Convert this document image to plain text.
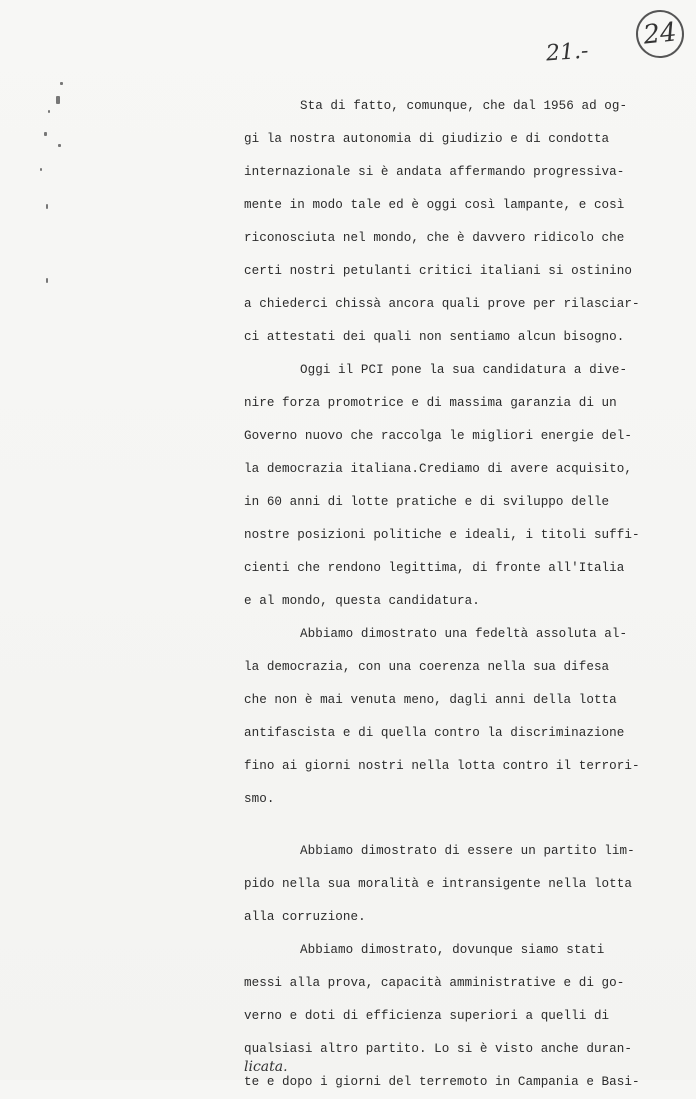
24
21.-
Sta di fatto, comunque, che dal 1956 ad og-
gi la nostra autonomia di giudizio e di condotta
internazionale si è andata affermando progressiva-
mente in modo tale ed è oggi così lampante, e così
riconosciuta nel mondo, che è davvero ridicolo che
certi nostri petulanti critici italiani si ostinino
a chiederci chissà ancora quali prove per rilasciar-
ci attestati dei quali non sentiamo alcun bisogno.
Oggi il PCI pone la sua candidatura a dive-
nire forza promotrice e di massima garanzia di un
Governo nuovo che raccolga le migliori energie del-
la democrazia italiana.Crediamo di avere acquisito,
in 60 anni di lotte pratiche e di sviluppo delle
nostre posizioni politiche e ideali, i titoli suffi-
cienti che rendono legittima, di fronte all'Italia
e al mondo, questa candidatura.
Abbiamo dimostrato una fedeltà assoluta al-
la democrazia, con una coerenza nella sua difesa
che non è mai venuta meno, dagli anni della lotta
antifascista e di quella contro la discriminazione
fino ai giorni nostri nella lotta contro il terrori-
smo.
Abbiamo dimostrato di essere un partito lim-
pido nella sua moralità e intransigente nella lotta
alla corruzione.
Abbiamo dimostrato, dovunque siamo stati
messi alla prova, capacità amministrative e di go-
verno e doti di efficienza superiori a quelli di
qualsiasi altro partito. Lo si è visto anche duran-
te e dopo i giorni del terremoto in Campania e Basi-
licata.
